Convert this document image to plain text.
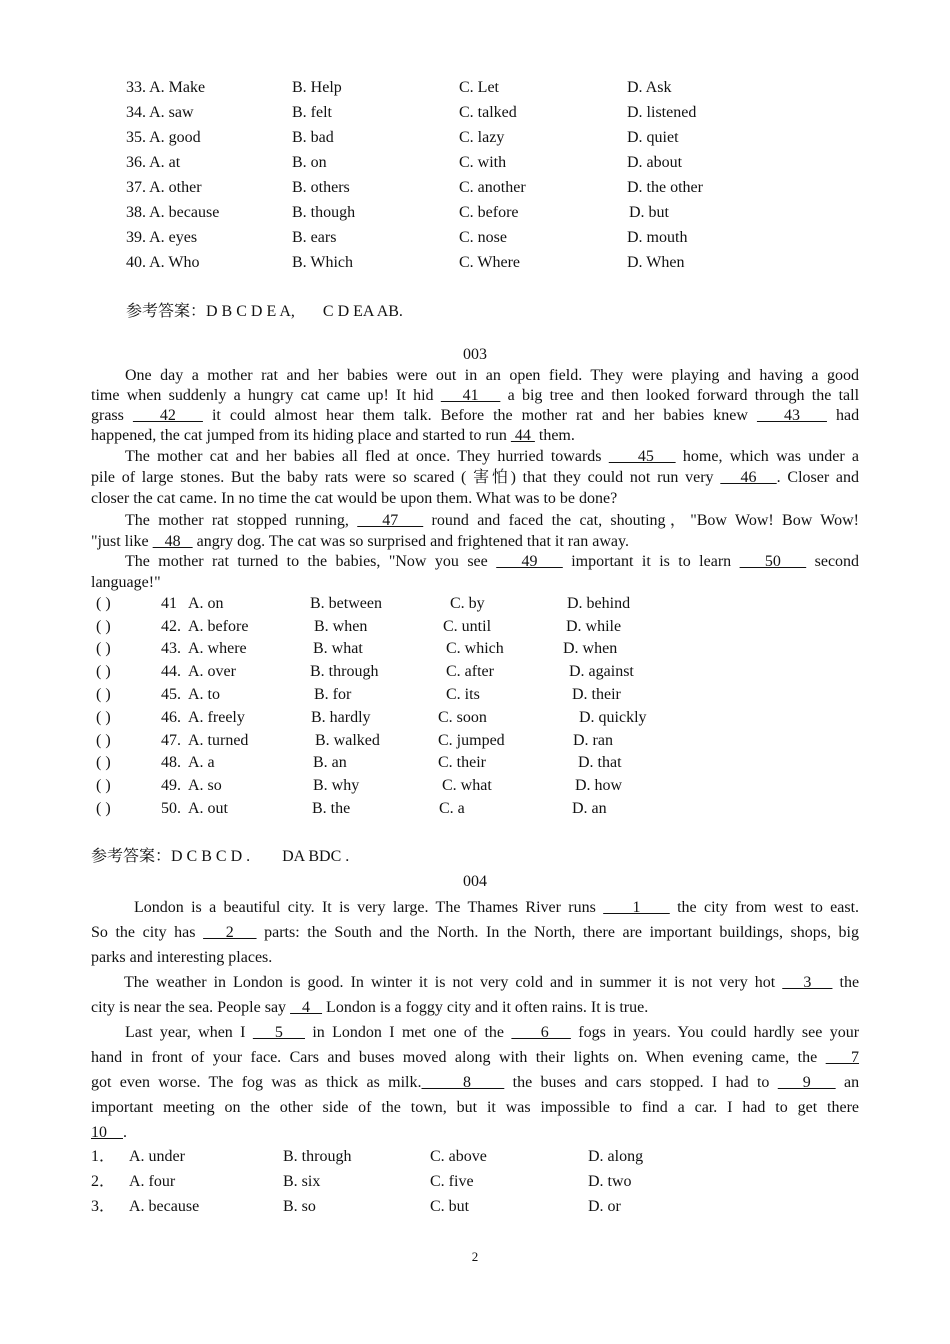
33. A. Make	B. Help	C. Let	D. Ask
34. A. saw	B. felt	C. talked	D. listened
35. A. good	B. bad	C. lazy	D. quiet
36. A. at	B. on	C. with	D. about
37. A. other	B. others	C. another	D. the other
38. A. because	B. though	C. before	D. but
39. A. eyes	B. ears	C. nose	D. mouth
40. A. Who	B. Which	C. Where	D. When
参考答案：D B C D E A,       C D EA AB.
003
One day a mother rat and her babies were out in an open field. They were playing and having a good
time when suddenly a hungry cat came up! It hid    41    a big tree and then looked forward through the tall
grass    42    it could almost hear them talk. Before the mother rat and her babies knew    43    had
happened, the cat jumped from its hiding place and started to run  44  them.
The mother cat and her babies all fled at once. They hurried towards     45    home, which was under a
pile of large stones. But the baby rats were so scared ( 害怕) that they could not run very    46   . Closer and
closer the cat came. In no time the cat would be upon them. What was to be done?
The mother rat stopped running,    47    round and faced the cat, shouting，"Bow Wow! Bow Wow!
"just like    48    angry dog. The cat was so surprised and frightened that it ran away.
The mother rat turned to the babies, "Now you see    49    important it is to learn    50    second
language!"
( )	41 A. on	B. between	C. by	D. behind
( )	42. A. before	B. when	C. until	D. while
( )	43. A. where	B. what	C. which	D. when
( )	44. A. over	B. through	C. after	D. against
( )	45. A. to	B. for	C. its	D. their
( )	46. A. freely	B. hardly	C. soon	D. quickly
( )	47. A. turned	B. walked	C. jumped	D. ran
( )	48. A. a	B. an	C. their	D. that
( )	49. A. so	B. why	C. what	D. how
( )	50. A. out	B. the	C. a	D. an
参考答案：D C B C D .        DA BDC .
004
London is a beautiful city. It is very large. The Thames River runs     1     the city from west to east.
So the city has    2    parts: the South and the North. In the North, there are important buildings, shops, big
parks and interesting places.
The weather in London is good. In winter it is not very cold and in summer it is not very hot    3    the
city is near the sea. People say    4    London is a foggy city and it often rains. It is true.
Last year, when I    5    in London I met one of the     6    fogs in years. You could hardly see your
hand in front of your face. Cars and buses moved along with their lights on. When evening came, the    7
got even worse. The fog was as thick as milk.     8     the buses and cars stopped. I had to    9    an
important meeting on the other side of the town, but it was impossible to find a car. I had to get there
10    .
1． A. under	B. through	C. above	D. along
2． A. four	B. six	C. five	D. two
3． A. because	B. so	C. but	D. or
2
